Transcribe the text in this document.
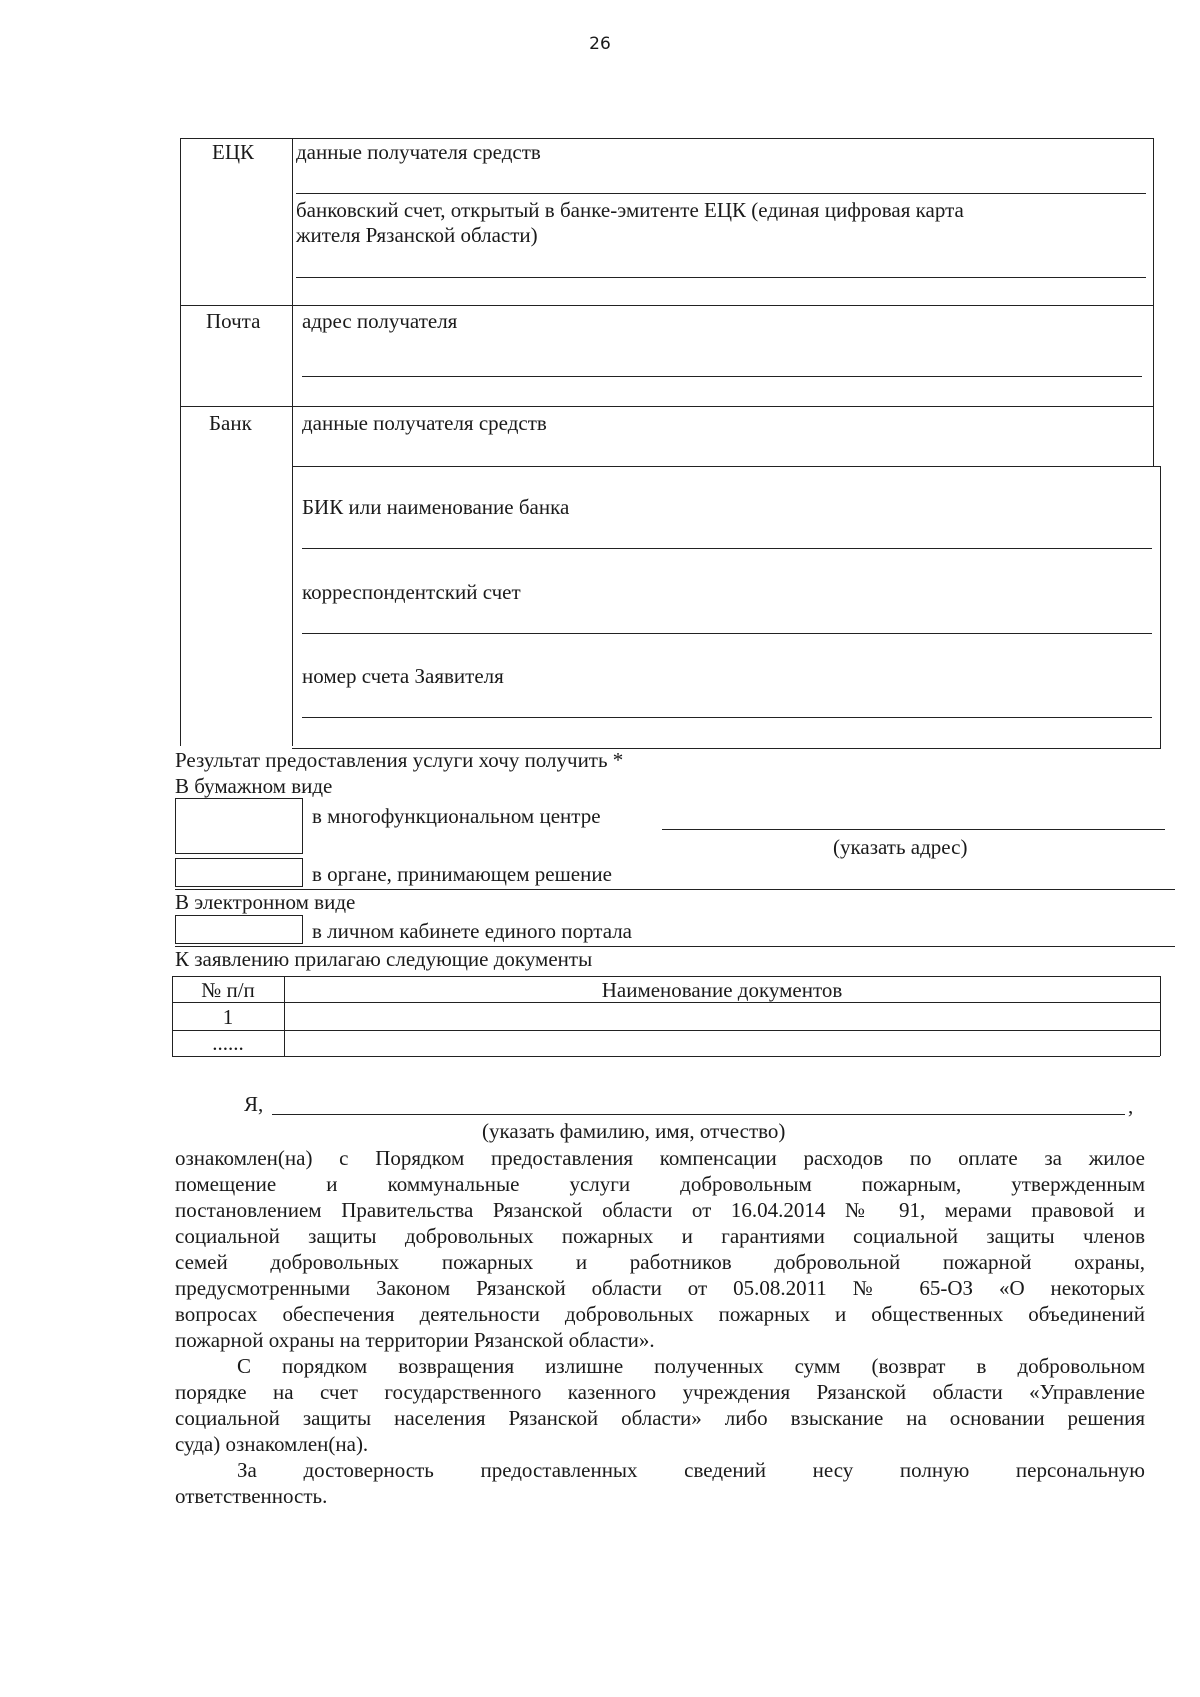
26
ЕЦК данные получателя средств
банковский счет, открытый в банке-эмитенте ЕЦК (единая цифровая карта
жителя Рязанской области)
Почта адрес получателя
Банк данные получателя средств
БИК или наименование банка
корреспондентский счет
номер счета Заявителя
Результат предоставления услуги хочу получить *
В бумажном виде
в многофункциональном центре
(указать адрес)
в органе, принимающем решение
В электронном виде
в личном кабинете единого портала
К заявлению прилагаю следующие документы
№ п/п	Наименование документов
1
......
Я,	,
(указать фамилию, имя, отчество)
ознакомлен(на) с Порядком предоставления компенсации расходов по оплате за жилое
помещение и коммунальные услуги добровольным пожарным, утвержденным
постановлением Правительства Рязанской области от 16.04.2014 № 91, мерами правовой и
социальной защиты добровольных пожарных и гарантиями социальной защиты членов
семей добровольных пожарных и работников добровольной пожарной охраны,
предусмотренными Законом Рязанской области от 05.08.2011 № 65-ОЗ «О некоторых
вопросах обеспечения деятельности добровольных пожарных и общественных объединений
пожарной охраны на территории Рязанской области».
С порядком возвращения излишне полученных сумм (возврат в добровольном
порядке на счет государственного казенного учреждения Рязанской области «Управление
социальной защиты населения Рязанской области» либо взыскание на основании решения
суда) ознакомлен(на).
За достоверность предоставленных сведений несу полную персональную
ответственность.
